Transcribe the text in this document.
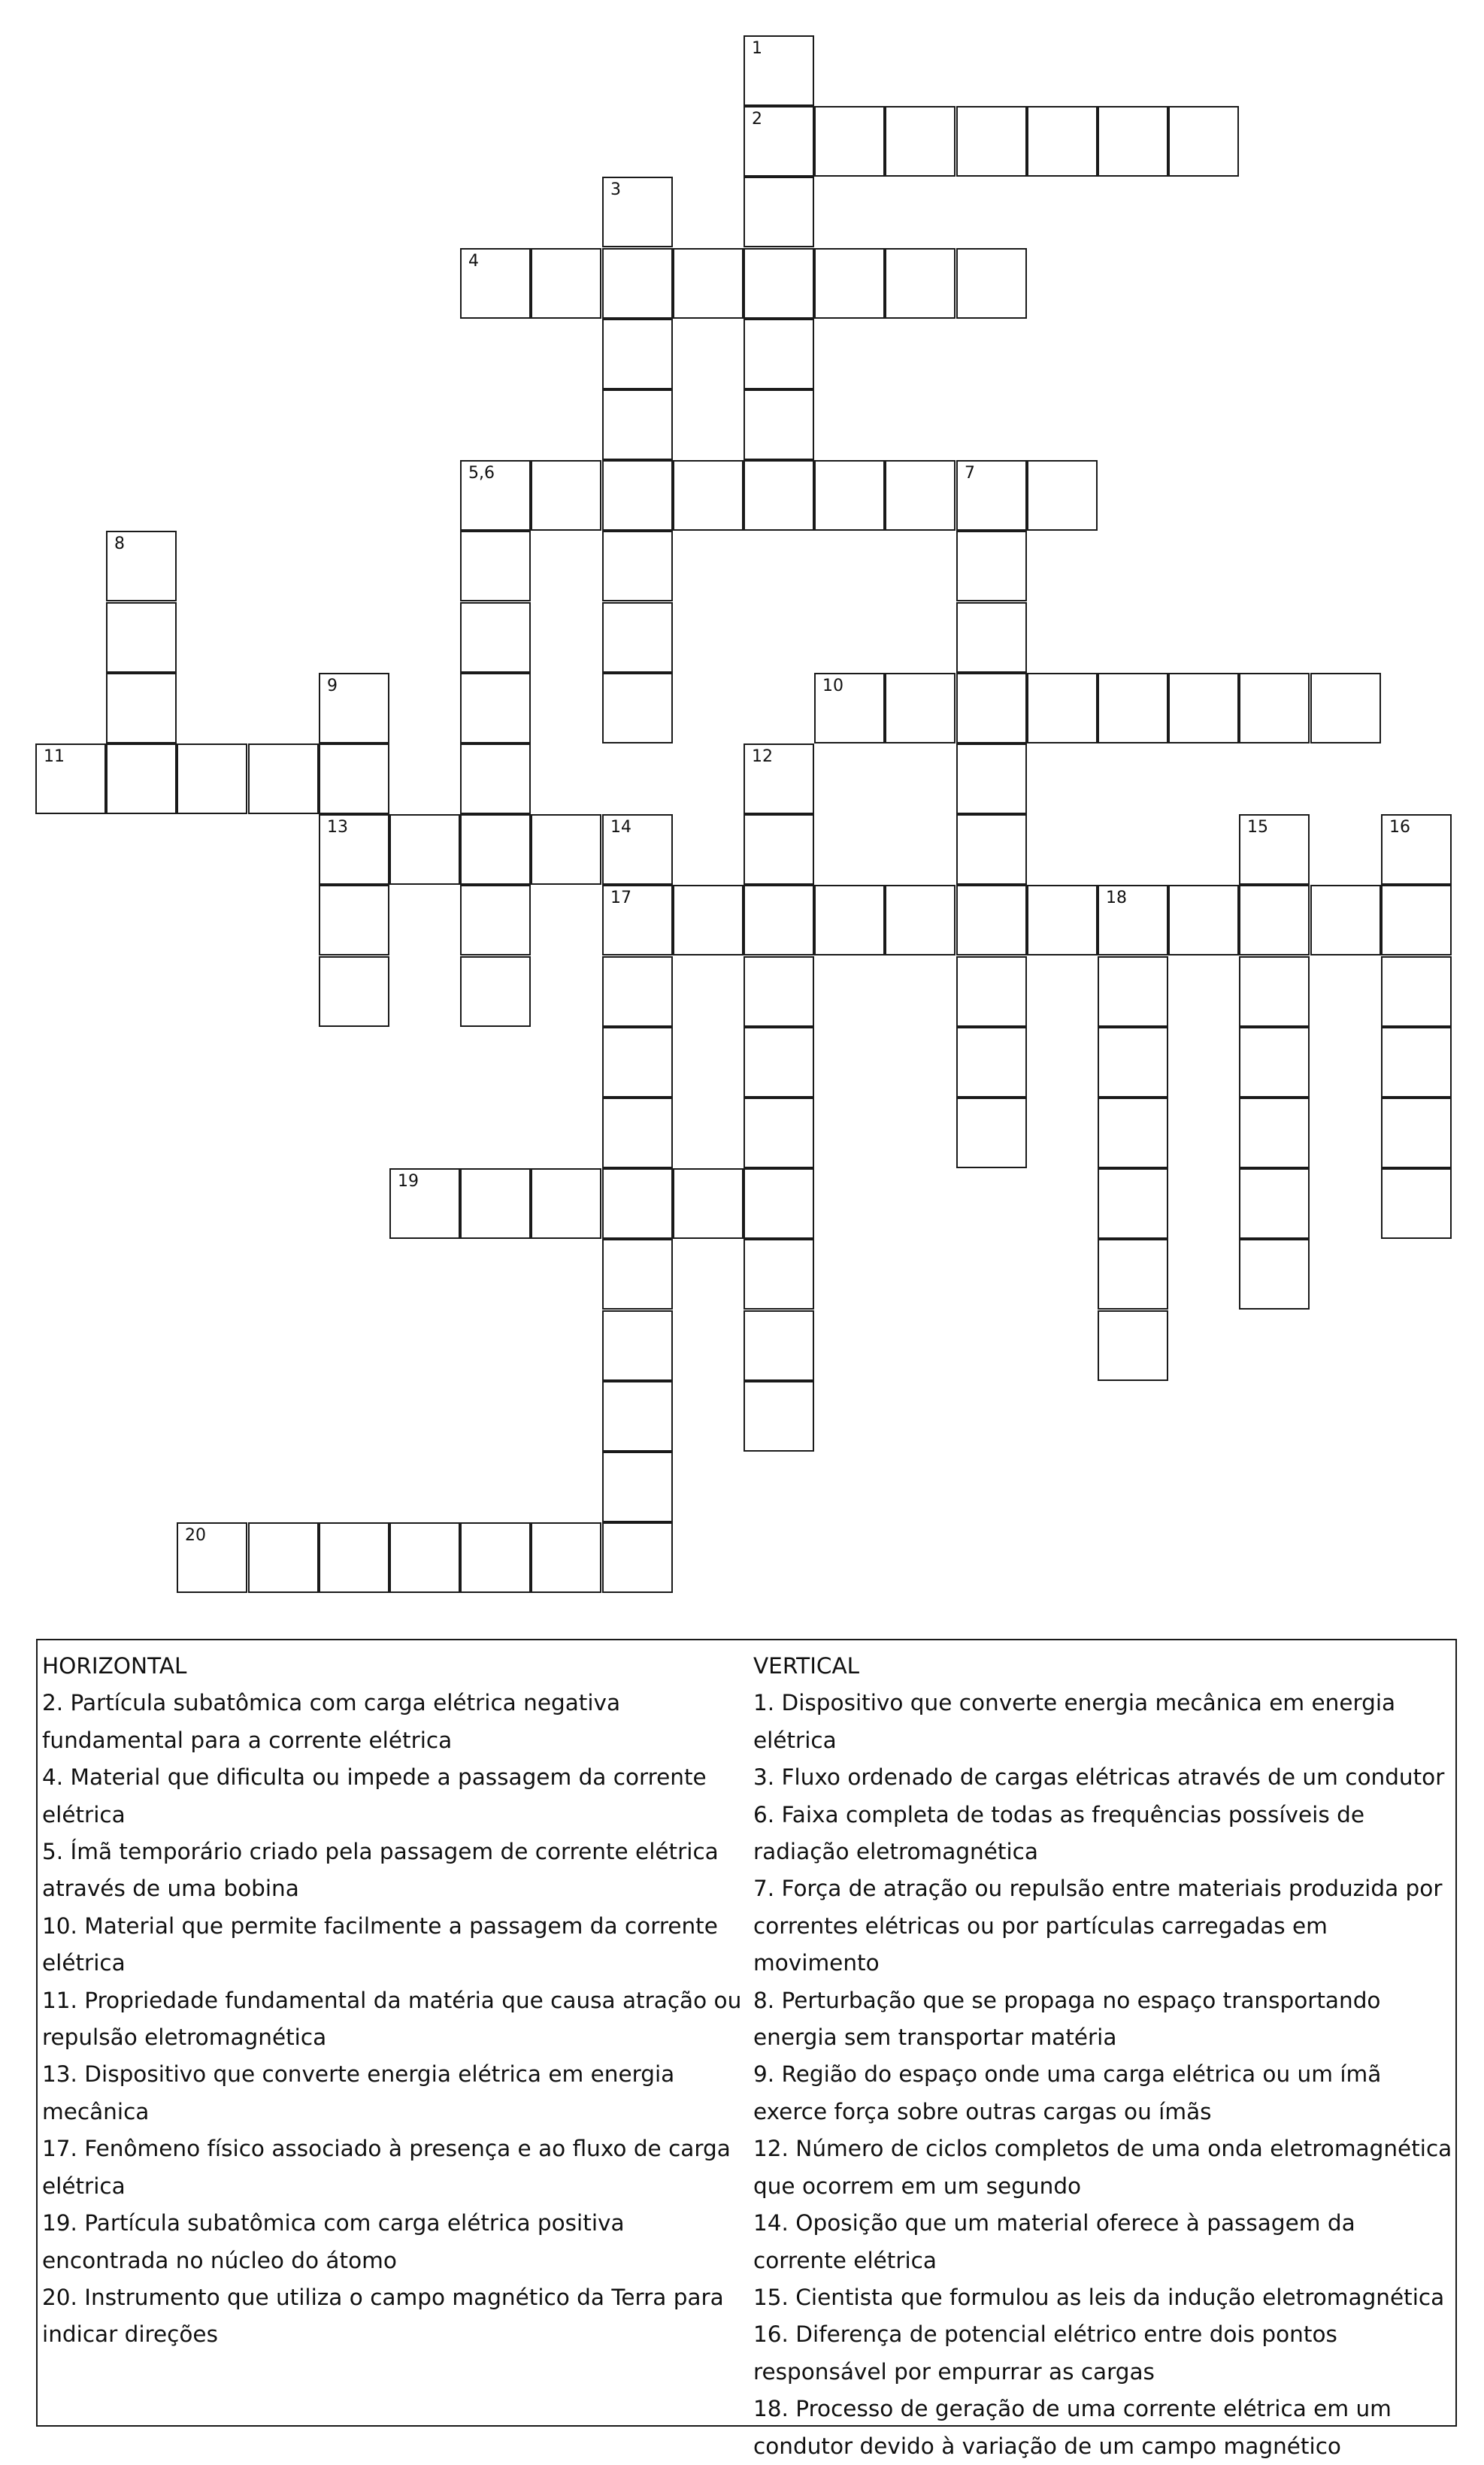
1
2
3
4
5,6	7
8
9	10
11	12
13	14	15	16
17	18
19
20

HORIZONTAL

2. Partícula subatômica com carga elétrica negativa fundamental para a corrente elétrica

4. Material que dificulta ou impede a passagem da corrente elétrica

5. Ímã temporário criado pela passagem de corrente elétrica através de uma bobina

10. Material que permite facilmente a passagem da corrente elétrica

11. Propriedade fundamental da matéria que causa atração ou repulsão eletromagnética

13. Dispositivo que converte energia elétrica em energia mecânica

17. Fenômeno físico associado à presença e ao fluxo de carga elétrica

19. Partícula subatômica com carga elétrica positiva encontrada no núcleo do átomo

20. Instrumento que utiliza o campo magnético da Terra para indicar direções

VERTICAL

1. Dispositivo que converte energia mecânica em energia elétrica

3. Fluxo ordenado de cargas elétricas através de um condutor

6. Faixa completa de todas as frequências possíveis de radiação eletromagnética

7. Força de atração ou repulsão entre materiais produzida por correntes elétricas ou por partículas carregadas em movimento

8. Perturbação que se propaga no espaço transportando energia sem transportar matéria

9. Região do espaço onde uma carga elétrica ou um ímã exerce força sobre outras cargas ou ímãs

12. Número de ciclos completos de uma onda eletromagnética que ocorrem em um segundo

14. Oposição que um material oferece à passagem da corrente elétrica

15. Cientista que formulou as leis da indução eletromagnética

16. Diferença de potencial elétrico entre dois pontos responsável por empurrar as cargas

18. Processo de geração de uma corrente elétrica em um condutor devido à variação de um campo magnético
